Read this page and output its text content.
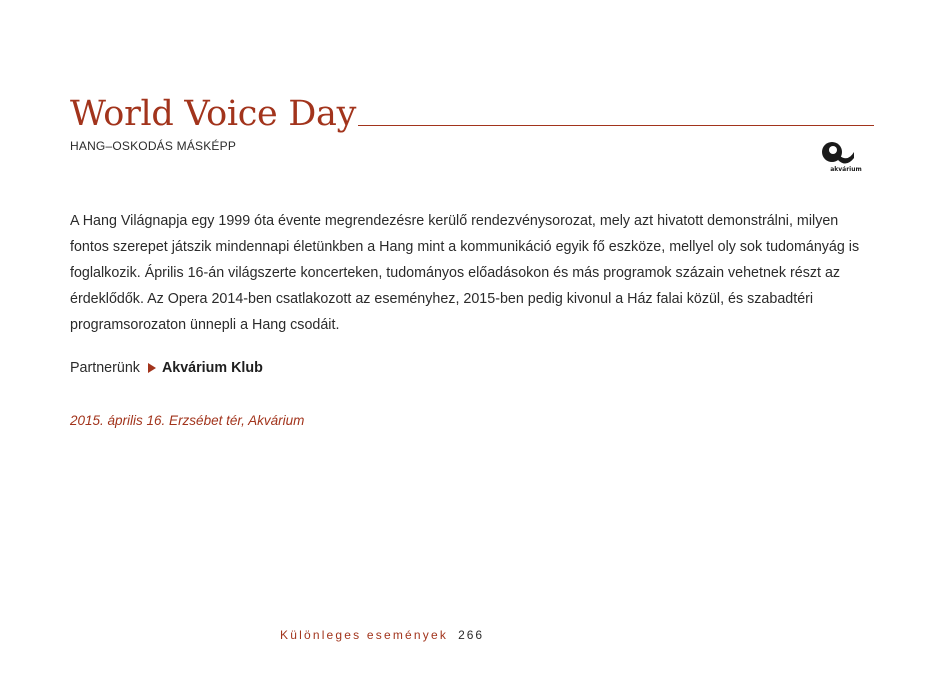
World Voice Day
HANG–OSKODÁS MÁSKÉPP
akvárium

A Hang Világnapja egy 1999 óta évente megrendezésre kerülő rendezvénysorozat, mely azt hivatott demonstrálni, milyen fontos szerepet játszik mindennapi életünkben a Hang mint a kommunikáció egyik fő eszköze, mellyel oly sok tudományág is foglalkozik. Április 16-án világszerte koncerteken, tudományos előadásokon és más programok százain vehetnek részt az érdeklődők. Az Opera 2014-ben csatlakozott az eseményhez, 2015-ben pedig kivonul a Ház falai közül, és szabadtéri programsorozaton ünnepli a Hang csodáit.

Partnerünk Akvárium Klub
2015. április 16. Erzsébet tér, Akvárium
Különleges események 266
